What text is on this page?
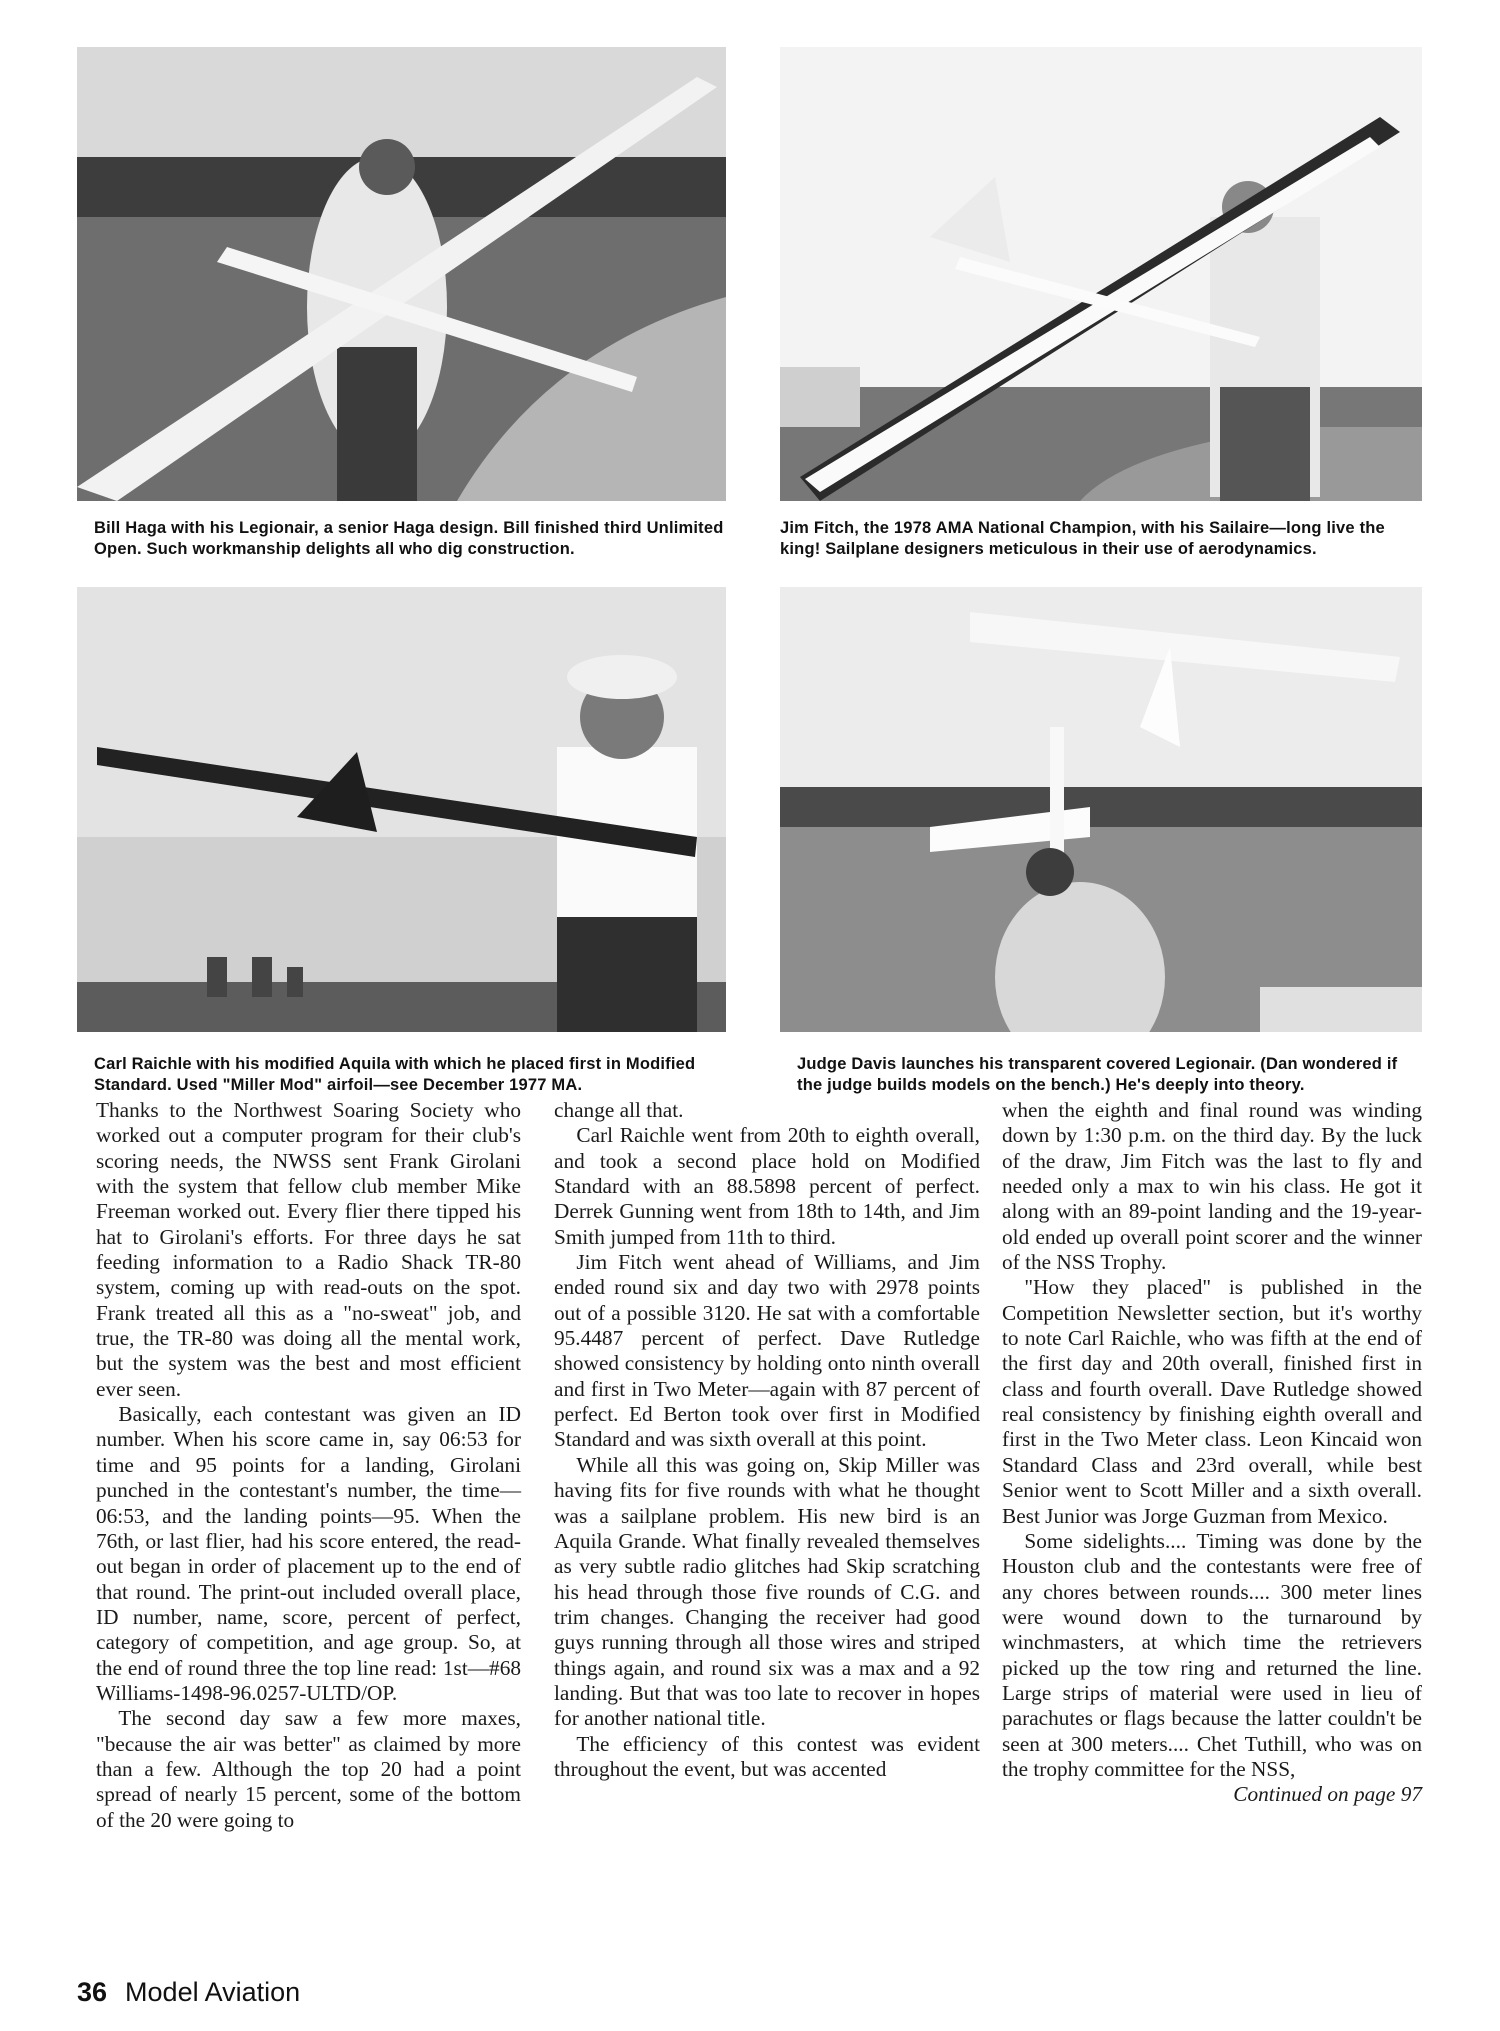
Bill Haga with his Legionair, a senior Haga design. Bill finished third Unlimited Open. Such workmanship delights all who dig construction.
Jim Fitch, the 1978 AMA National Champion, with his Sailaire—long live the king! Sailplane designers meticulous in their use of aerodynamics.
Carl Raichle with his modified Aquila with which he placed first in Modified Standard. Used "Miller Mod" airfoil—see December 1977 MA.
Judge Davis launches his transparent covered Legionair. (Dan wondered if the judge builds models on the bench.) He's deeply into theory.

Thanks to the Northwest Soaring Society who worked out a computer program for their club's scoring needs, the NWSS sent Frank Girolani with the system that fellow club member Mike Freeman worked out. Every flier there tipped his hat to Girolani's efforts. For three days he sat feeding information to a Radio Shack TR-80 system, coming up with read-outs on the spot. Frank treated all this as a "no-sweat" job, and true, the TR-80 was doing all the mental work, but the system was the best and most efficient ever seen.

Basically, each contestant was given an ID number. When his score came in, say 06:53 for time and 95 points for a landing, Girolani punched in the contestant's number, the time—06:53, and the landing points—95. When the 76th, or last flier, had his score entered, the read-out began in order of placement up to the end of that round. The print-out included overall place, ID number, name, score, percent of perfect, category of competition, and age group. So, at the end of round three the top line read: 1st—#68 Williams-1498-96.0257-ULTD/OP.

The second day saw a few more maxes, "because the air was better" as claimed by more than a few. Although the top 20 had a point spread of nearly 15 percent, some of the bottom of the 20 were going to

change all that.

Carl Raichle went from 20th to eighth overall, and took a second place hold on Modified Standard with an 88.5898 percent of perfect. Derrek Gunning went from 18th to 14th, and Jim Smith jumped from 11th to third.

Jim Fitch went ahead of Williams, and Jim ended round six and day two with 2978 points out of a possible 3120. He sat with a comfortable 95.4487 percent of perfect. Dave Rutledge showed consistency by holding onto ninth overall and first in Two Meter—again with 87 percent of perfect. Ed Berton took over first in Modified Standard and was sixth overall at this point.

While all this was going on, Skip Miller was having fits for five rounds with what he thought was a sailplane problem. His new bird is an Aquila Grande. What finally revealed themselves as very subtle radio glitches had Skip scratching his head through those five rounds of C.G. and trim changes. Changing the receiver had good guys running through all those wires and striped things again, and round six was a max and a 92 landing. But that was too late to recover in hopes for another national title.

The efficiency of this contest was evident throughout the event, but was accented

when the eighth and final round was winding down by 1:30 p.m. on the third day. By the luck of the draw, Jim Fitch was the last to fly and needed only a max to win his class. He got it along with an 89-point landing and the 19-year-old ended up overall point scorer and the winner of the NSS Trophy.

"How they placed" is published in the Competition Newsletter section, but it's worthy to note Carl Raichle, who was fifth at the end of the first day and 20th overall, finished first in class and fourth overall. Dave Rutledge showed real consistency by finishing eighth overall and first in the Two Meter class. Leon Kincaid won Standard Class and 23rd overall, while best Senior went to Scott Miller and a sixth overall. Best Junior was Jorge Guzman from Mexico.

Some sidelights.... Timing was done by the Houston club and the contestants were free of any chores between rounds.... 300 meter lines were wound down to the turnaround by winchmasters, at which time the retrievers picked up the tow ring and returned the line. Large strips of material were used in lieu of parachutes or flags because the latter couldn't be seen at 300 meters.... Chet Tuthill, who was on the trophy committee for the NSS,

Continued on page 97

36 Model Aviation
